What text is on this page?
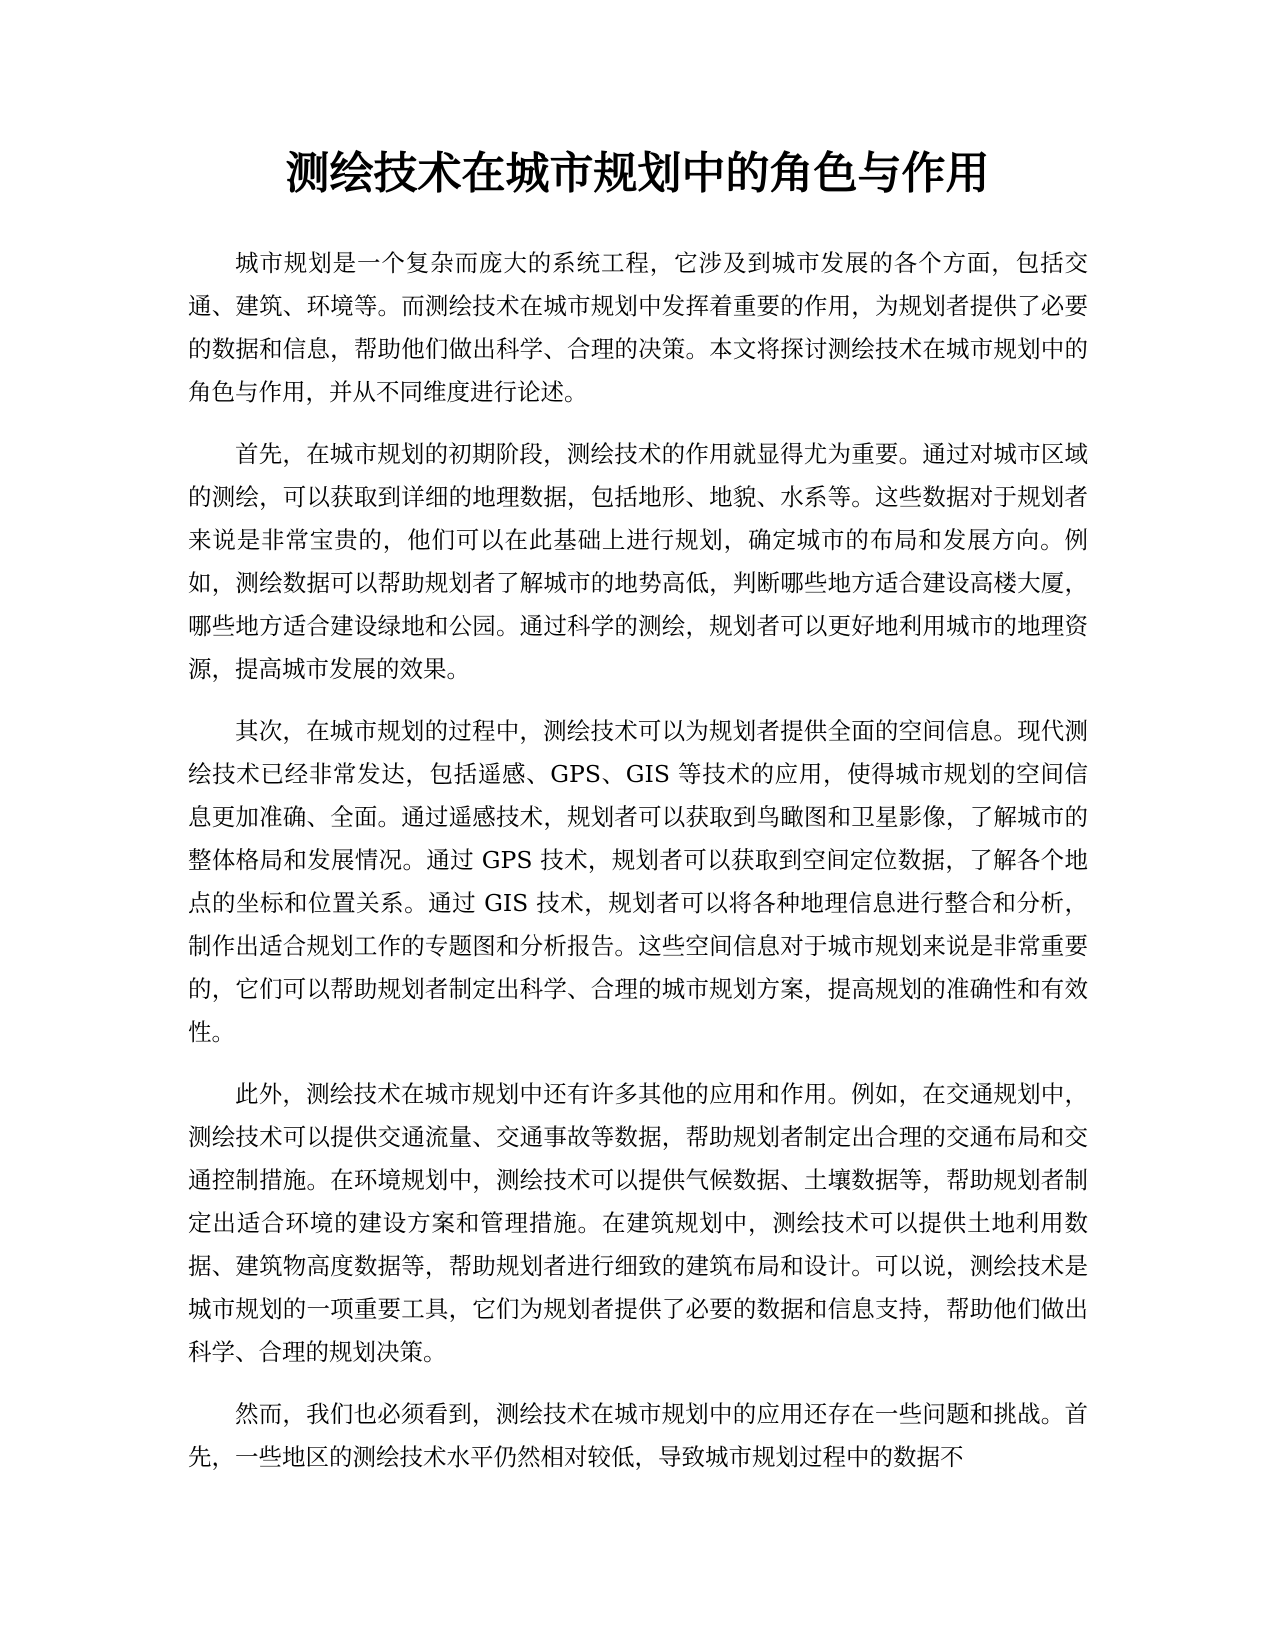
测绘技术在城市规划中的角色与作用

城市规划是一个复杂而庞大的系统工程，它涉及到城市发展的各个方面，包括交通、建筑、环境等。而测绘技术在城市规划中发挥着重要的作用，为规划者提供了必要的数据和信息，帮助他们做出科学、合理的决策。本文将探讨测绘技术在城市规划中的角色与作用，并从不同维度进行论述。

首先，在城市规划的初期阶段，测绘技术的作用就显得尤为重要。通过对城市区域的测绘，可以获取到详细的地理数据，包括地形、地貌、水系等。这些数据对于规划者来说是非常宝贵的，他们可以在此基础上进行规划，确定城市的布局和发展方向。例如，测绘数据可以帮助规划者了解城市的地势高低，判断哪些地方适合建设高楼大厦，哪些地方适合建设绿地和公园。通过科学的测绘，规划者可以更好地利用城市的地理资源，提高城市发展的效果。

其次，在城市规划的过程中，测绘技术可以为规划者提供全面的空间信息。现代测绘技术已经非常发达，包括遥感、GPS、GIS 等技术的应用，使得城市规划的空间信息更加准确、全面。通过遥感技术，规划者可以获取到鸟瞰图和卫星影像，了解城市的整体格局和发展情况。通过 GPS 技术，规划者可以获取到空间定位数据，了解各个地点的坐标和位置关系。通过 GIS 技术，规划者可以将各种地理信息进行整合和分析，制作出适合规划工作的专题图和分析报告。这些空间信息对于城市规划来说是非常重要的，它们可以帮助规划者制定出科学、合理的城市规划方案，提高规划的准确性和有效性。

此外，测绘技术在城市规划中还有许多其他的应用和作用。例如，在交通规划中，测绘技术可以提供交通流量、交通事故等数据，帮助规划者制定出合理的交通布局和交通控制措施。在环境规划中，测绘技术可以提供气候数据、土壤数据等，帮助规划者制定出适合环境的建设方案和管理措施。在建筑规划中，测绘技术可以提供土地利用数据、建筑物高度数据等，帮助规划者进行细致的建筑布局和设计。可以说，测绘技术是城市规划的一项重要工具，它们为规划者提供了必要的数据和信息支持，帮助他们做出科学、合理的规划决策。

然而，我们也必须看到，测绘技术在城市规划中的应用还存在一些问题和挑战。首先，一些地区的测绘技术水平仍然相对较低，导致城市规划过程中的数据不
